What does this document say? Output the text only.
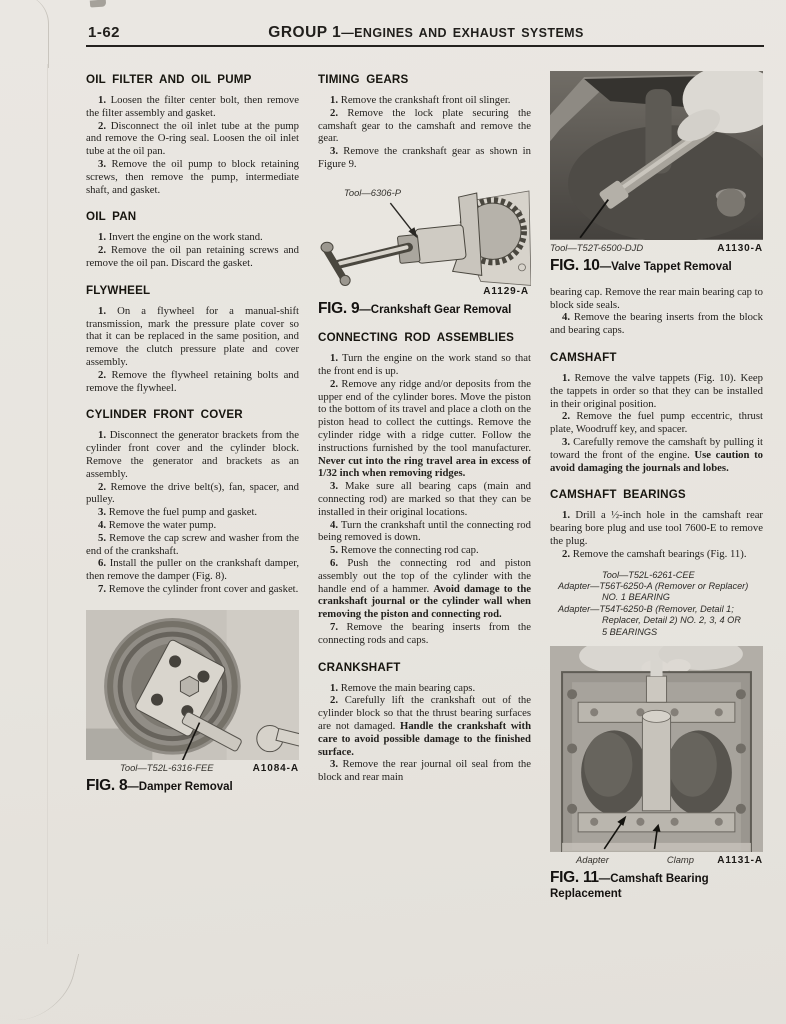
1-62	GROUP 1—ENGINES AND EXHAUST SYSTEMS
OIL FILTER AND OIL PUMP

1. Loosen the filter center bolt, then remove the filter assembly and gasket.

2. Disconnect the oil inlet tube at the pump and remove the O-ring seal. Loosen the oil inlet tube at the oil pan.

3. Remove the oil pump to block retaining screws, then remove the pump, intermediate shaft, and gasket.

OIL PAN

1. Invert the engine on the work stand.

2. Remove the oil pan retaining screws and remove the oil pan. Discard the gasket.

FLYWHEEL

1. On a flywheel for a manual-shift transmission, mark the pressure plate cover so that it can be replaced in the same position, and remove the clutch pressure plate and cover assembly.

2. Remove the flywheel retaining bolts and remove the flywheel.

CYLINDER FRONT COVER

1. Disconnect the generator brackets from the cylinder front cover and the cylinder block. Remove the generator and brackets as an assembly.

2. Remove the drive belt(s), fan, spacer, and pulley.

3. Remove the fuel pump and gasket.

4. Remove the water pump.

5. Remove the cap screw and washer from the end of the crankshaft.

6. Install the puller on the crankshaft damper, then remove the damper (Fig. 8).

7. Remove the cylinder front cover and gasket.

Tool—T52L-6316-FEE	A1084-A
FIG. 8—Damper Removal
TIMING GEARS

1. Remove the crankshaft front oil slinger.

2. Remove the lock plate securing the camshaft gear to the camshaft and remove the gear.

3. Remove the crankshaft gear as shown in Figure 9.

Tool—6306-P
A1129-A
FIG. 9—Crankshaft Gear Removal
CONNECTING ROD ASSEMBLIES

1. Turn the engine on the work stand so that the front end is up.

2. Remove any ridge and/or deposits from the upper end of the cylinder bores. Move the piston to the bottom of its travel and place a cloth on the piston head to collect the cuttings. Remove the cylinder ridge with a ridge cutter. Follow the instructions furnished by the tool manufacturer. Never cut into the ring travel area in excess of 1/32 inch when removing ridges.

3. Make sure all bearing caps (main and connecting rod) are marked so that they can be installed in their original locations.

4. Turn the crankshaft until the connecting rod being removed is down.

5. Remove the connecting rod cap.

6. Push the connecting rod and piston assembly out the top of the cylinder with the handle end of a hammer. Avoid damage to the crankshaft journal or the cylinder wall when removing the piston and connecting rod.

7. Remove the bearing inserts from the connecting rods and caps.

CRANKSHAFT

1. Remove the main bearing caps.

2. Carefully lift the crankshaft out of the cylinder block so that the thrust bearing surfaces are not damaged. Handle the crankshaft with care to avoid possible damage to the finished surface.

3. Remove the rear journal oil seal from the block and rear main

Tool—T52T-6500-DJD	A1130-A
FIG. 10—Valve Tappet Removal

bearing cap. Remove the rear main bearing cap to block side seals.

4. Remove the bearing inserts from the block and bearing caps.

CAMSHAFT

1. Remove the valve tappets (Fig. 10). Keep the tappets in order so that they can be installed in their original position.

2. Remove the fuel pump eccentric, thrust plate, Woodruff key, and spacer.

3. Carefully remove the camshaft by pulling it toward the front of the engine. Use caution to avoid damaging the journals and lobes.

CAMSHAFT BEARINGS

1. Drill a ½-inch hole in the camshaft rear bearing bore plug and use tool 7600-E to remove the plug.

2. Remove the camshaft bearings (Fig. 11).

Tool—T52L-6261-CEE
Adapter—T56T-6250-A (Remover or Replacer)
NO. 1 BEARING
Adapter—T54T-6250-B (Remover, Detail 1;
Replacer, Detail 2) NO. 2, 3, 4 OR
5 BEARINGS
Adapter	Clamp A1131-A
FIG. 11—Camshaft Bearing Replacement
